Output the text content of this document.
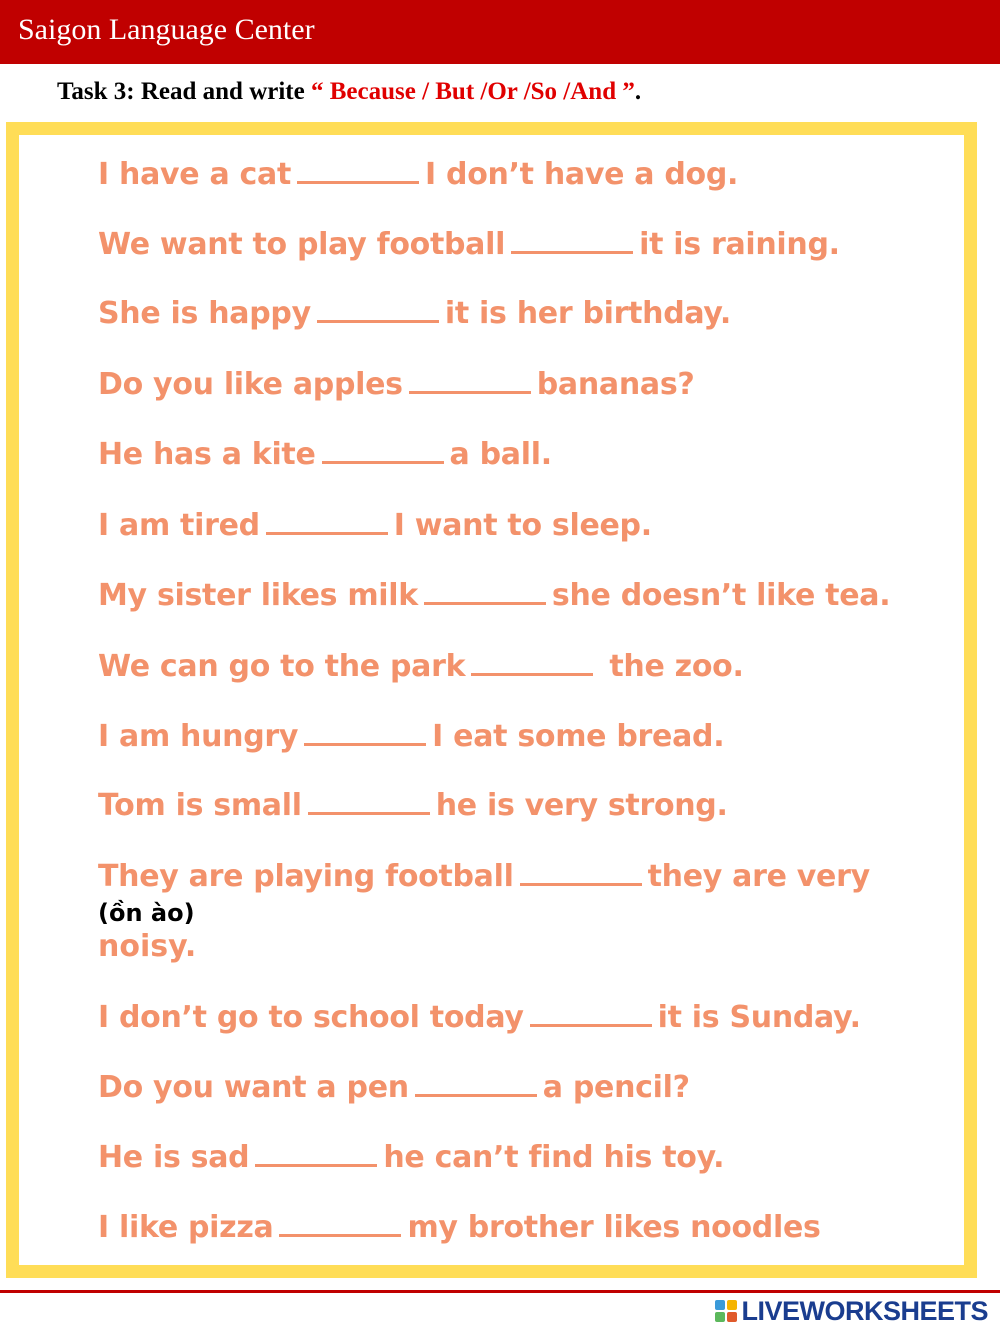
Saigon Language Center
Task 3: Read and write “ Because / But /Or /So /And ”.
I have a cat	I don’t have a dog.
We want to play football	it is raining.
She is happy	it is her birthday.
Do you like apples	bananas?
He has a kite	a ball.
I am tired	I want to sleep.
My sister likes milk	she doesn’t like tea.
We can go to the park	the zoo.
I am hungry	I eat some bread.
Tom is small	he is very strong.
They are playing football	they are very
(ồn ào)
noisy.
I don’t go to school today	it is Sunday.
Do you want a pen	a pencil?
He is sad	he can’t find his toy.
I like pizza	my brother likes noodles
LIVEWORKSHEETS
